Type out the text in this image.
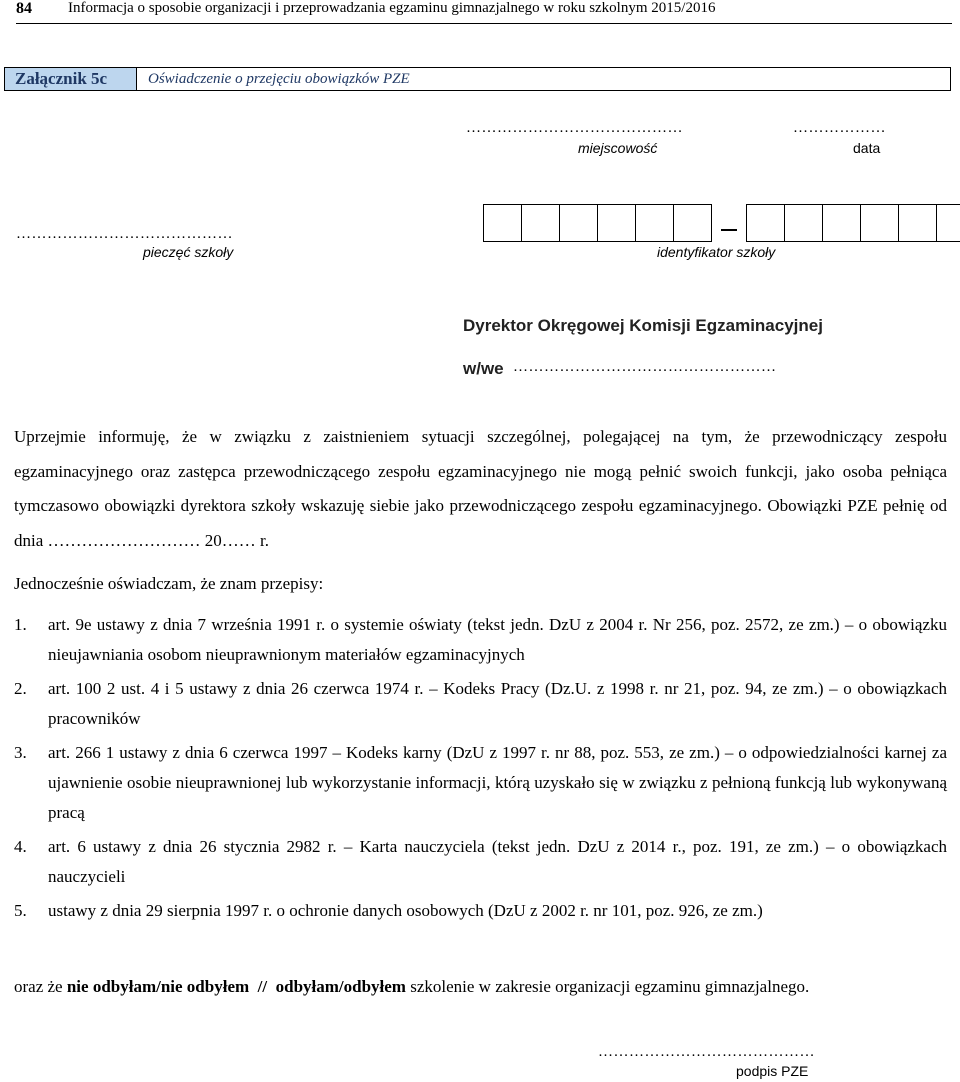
84 Informacja o sposobie organizacji i przeprowadzania egzaminu gimnazjalnego w roku szkolnym 2015/2016
Załącznik 5c	Oświadczenie o przejęciu obowiązków PZE
……………………………………
miejscowość
………………
data
……………………………………
pieczęć szkoły	identyfikator szkoły
Dyrektor Okręgowej Komisji Egzaminacyjnej
w/we ……………………………………………

Uprzejmie informuję, że w związku z zaistnieniem sytuacji szczególnej, polegającej na tym, że przewodniczący zespołu egzaminacyjnego oraz zastępca przewodniczącego zespołu egzaminacyjnego nie mogą pełnić swoich funkcji, jako osoba pełniąca tymczasowo obowiązki dyrektora szkoły wskazuję siebie jako przewodniczącego zespołu egzaminacyjnego. Obowiązki PZE pełnię od dnia ……………………… 20…… r.

Jednocześnie oświadczam, że znam przepisy:
1. art. 9e ustawy z dnia 7 września 1991 r. o systemie oświaty (tekst jedn. DzU z 2004 r. Nr 256, poz. 2572, ze zm.) – o obowiązku nieujawniania osobom nieuprawnionym materiałów egzaminacyjnych
2. art. 100 2 ust. 4 i 5 ustawy z dnia 26 czerwca 1974 r. – Kodeks Pracy (Dz.U. z 1998 r. nr 21, poz. 94, ze zm.) – o obowiązkach pracowników
3. art. 266 1 ustawy z dnia 6 czerwca 1997 – Kodeks karny (DzU z 1997 r. nr 88, poz. 553, ze zm.) – o odpowiedzialności karnej za ujawnienie osobie nieuprawnionej lub wykorzystanie informacji, którą uzyskało się w związku z pełnioną funkcją lub wykonywaną pracą
4. art. 6 ustawy z dnia 26 stycznia 2982 r. – Karta nauczyciela (tekst jedn. DzU z 2014 r., poz. 191, ze zm.) – o obowiązkach nauczycieli
5. ustawy z dnia 29 sierpnia 1997 r. o ochronie danych osobowych (DzU z 2002 r. nr 101, poz. 926, ze zm.)
oraz że nie odbyłam/nie odbyłem  //  odbyłam/odbyłem szkolenie w zakresie organizacji egzaminu gimnazjalnego.
……………………………………
podpis PZE
